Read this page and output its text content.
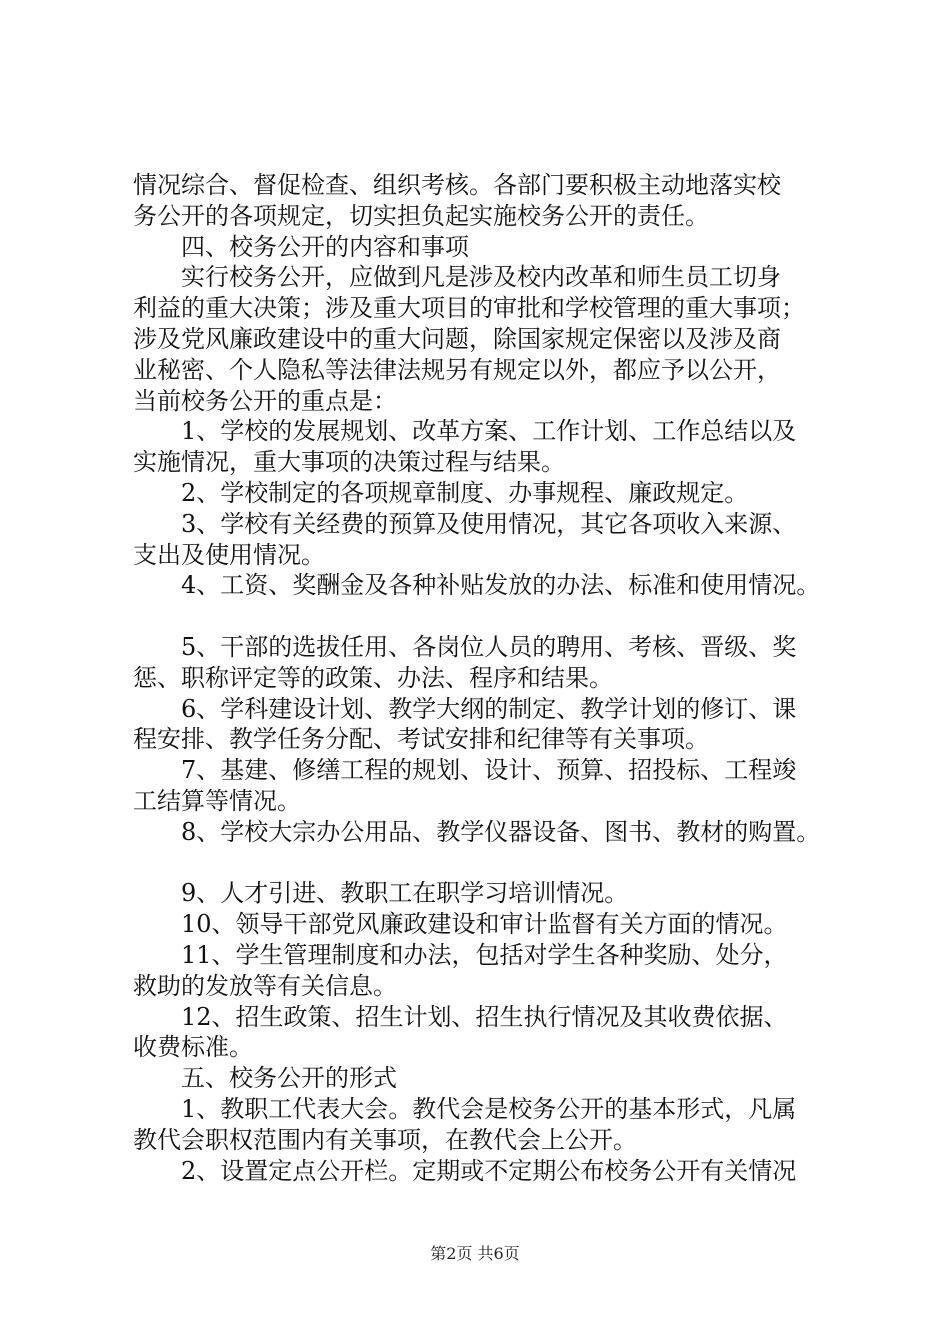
情况综合、督促检查、组织考核。各部门要积极主动地落实校
务公开的各项规定，切实担负起实施校务公开的责任。
　　四、校务公开的内容和事项
　　实行校务公开，应做到凡是涉及校内改革和师生员工切身
利益的重大决策；涉及重大项目的审批和学校管理的重大事项；
涉及党风廉政建设中的重大问题，除国家规定保密以及涉及商
业秘密、个人隐私等法律法规另有规定以外，都应予以公开，
当前校务公开的重点是：
　　1、学校的发展规划、改革方案、工作计划、工作总结以及
实施情况，重大事项的决策过程与结果。
　　2、学校制定的各项规章制度、办事规程、廉政规定。
　　3、学校有关经费的预算及使用情况，其它各项收入来源、
支出及使用情况。
　　4、工资、奖酬金及各种补贴发放的办法、标准和使用情况。
　　5、干部的选拔任用、各岗位人员的聘用、考核、晋级、奖
惩、职称评定等的政策、办法、程序和结果。
　　6、学科建设计划、教学大纲的制定、教学计划的修订、课
程安排、教学任务分配、考试安排和纪律等有关事项。
　　7、基建、修缮工程的规划、设计、预算、招投标、工程竣
工结算等情况。
　　8、学校大宗办公用品、教学仪器设备、图书、教材的购置。
　　9、人才引进、教职工在职学习培训情况。
　　10、领导干部党风廉政建设和审计监督有关方面的情况。
　　11、学生管理制度和办法，包括对学生各种奖励、处分，
救助的发放等有关信息。
　　12、招生政策、招生计划、招生执行情况及其收费依据、
收费标准。
　　五、校务公开的形式
　　1、教职工代表大会。教代会是校务公开的基本形式，凡属
教代会职权范围内有关事项，在教代会上公开。
　　2、设置定点公开栏。定期或不定期公布校务公开有关情况
第2页 共6页
